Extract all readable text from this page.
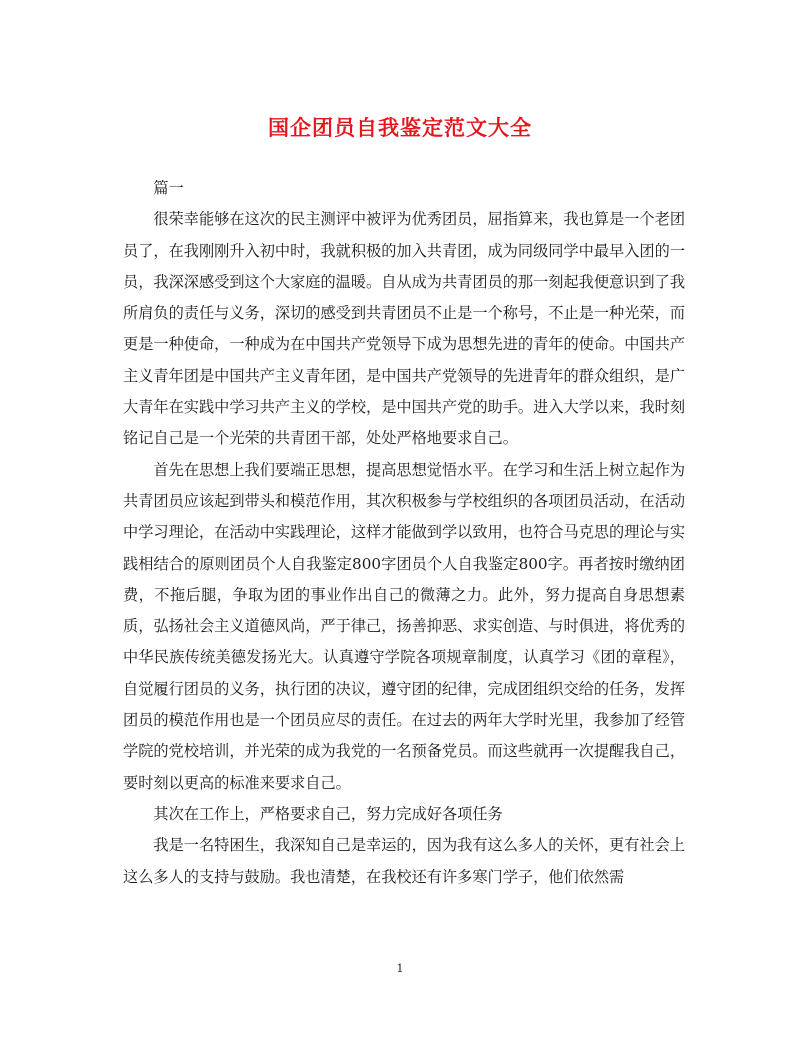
国企团员自我鉴定范文大全

篇一

很荣幸能够在这次的民主测评中被评为优秀团员，屈指算来，我也算是一个老团员了，在我刚刚升入初中时，我就积极的加入共青团，成为同级同学中最早入团的一员，我深深感受到这个大家庭的温暖。自从成为共青团员的那一刻起我便意识到了我所肩负的责任与义务，深切的感受到共青团员不止是一个称号，不止是一种光荣，而更是一种使命，一种成为在中国共产党领导下成为思想先进的青年的使命。中国共产主义青年团是中国共产主义青年团，是中国共产党领导的先进青年的群众组织，是广大青年在实践中学习共产主义的学校，是中国共产党的助手。进入大学以来，我时刻铭记自己是一个光荣的共青团干部，处处严格地要求自己。

首先在思想上我们要端正思想，提高思想觉悟水平。在学习和生活上树立起作为共青团员应该起到带头和模范作用，其次积极参与学校组织的各项团员活动，在活动中学习理论，在活动中实践理论，这样才能做到学以致用，也符合马克思的理论与实践相结合的原则团员个人自我鉴定800字团员个人自我鉴定800字。再者按时缴纳团费，不拖后腿，争取为团的事业作出自己的微薄之力。此外，努力提高自身思想素质，弘扬社会主义道德风尚，严于律己，扬善抑恶、求实创造、与时俱进，将优秀的中华民族传统美德发扬光大。认真遵守学院各项规章制度，认真学习《团的章程》，自觉履行团员的义务，执行团的决议，遵守团的纪律，完成团组织交给的任务，发挥团员的模范作用也是一个团员应尽的责任。在过去的两年大学时光里，我参加了经管学院的党校培训，并光荣的成为我党的一名预备党员。而这些就再一次提醒我自己，要时刻以更高的标准来要求自己。

其次在工作上，严格要求自己，努力完成好各项任务

我是一名特困生，我深知自己是幸运的，因为我有这么多人的关怀，更有社会上这么多人的支持与鼓励。我也清楚，在我校还有许多寒门学子，他们依然需

1
